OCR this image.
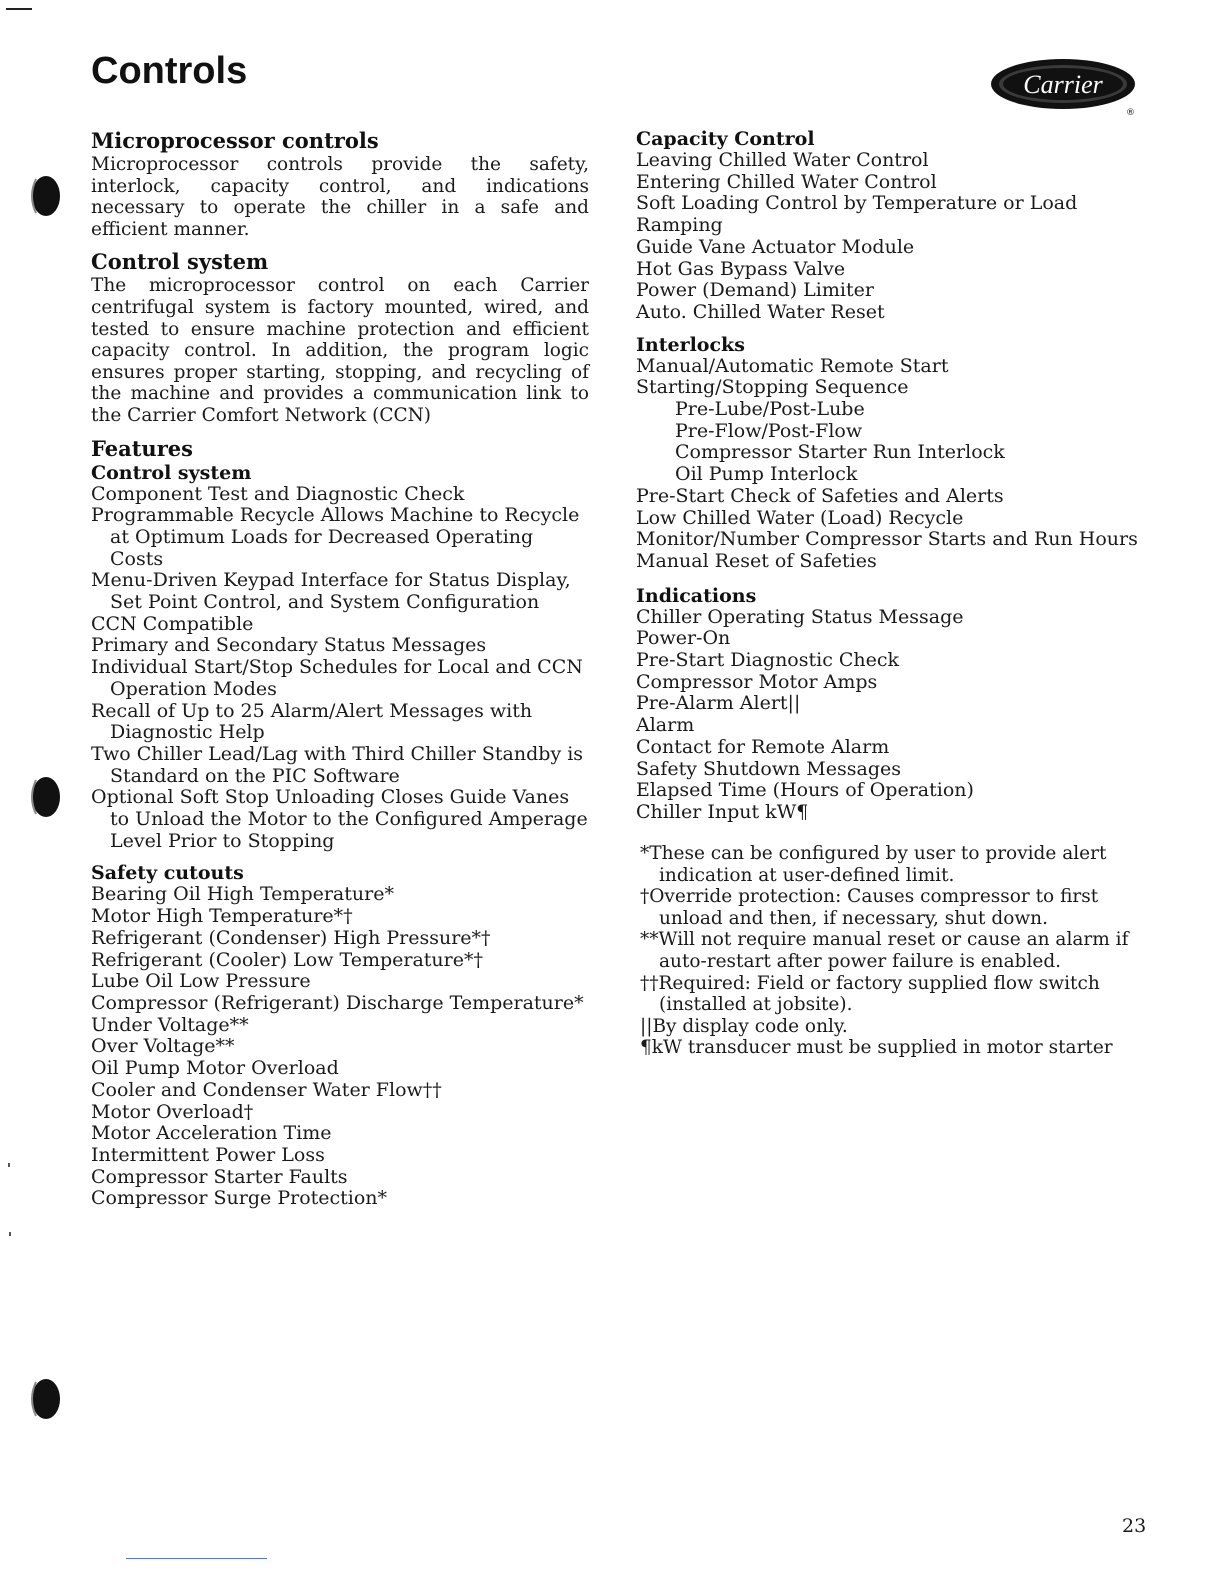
Controls	Carrier
®
Microprocessor controls

Microprocessor controls provide the safety, interlock, capacity control, and indications necessary to operate the chiller in a safe and efficient manner.

Control system

The microprocessor control on each Carrier centrifugal system is factory mounted, wired, and tested to ensure machine protection and efficient capacity control. In addition, the program logic ensures proper starting, stopping, and recycling of the machine and provides a communication link to the Carrier Comfort Network (CCN)

Features
Control system
Component Test and Diagnostic Check
Programmable Recycle Allows Machine to Recycle at Optimum Loads for Decreased Operating Costs
Menu-Driven Keypad Interface for Status Display, Set Point Control, and System Configuration
CCN Compatible
Primary and Secondary Status Messages
Individual Start/Stop Schedules for Local and CCN Operation Modes
Recall of Up to 25 Alarm/Alert Messages with Diagnostic Help
Two Chiller Lead/Lag with Third Chiller Standby is Standard on the PIC Software
Optional Soft Stop Unloading Closes Guide Vanes to Unload the Motor to the Configured Amperage Level Prior to Stopping
Safety cutouts
Bearing Oil High Temperature*
Motor High Temperature*†
Refrigerant (Condenser) High Pressure*†
Refrigerant (Cooler) Low Temperature*†
Lube Oil Low Pressure
Compressor (Refrigerant) Discharge Temperature*
Under Voltage**
Over Voltage**
Oil Pump Motor Overload
Cooler and Condenser Water Flow††
Motor Overload†
Motor Acceleration Time
Intermittent Power Loss
Compressor Starter Faults
Compressor Surge Protection*
Capacity Control
Leaving Chilled Water Control
Entering Chilled Water Control
Soft Loading Control by Temperature or Load Ramping
Guide Vane Actuator Module
Hot Gas Bypass Valve
Power (Demand) Limiter
Auto. Chilled Water Reset
Interlocks
Manual/Automatic Remote Start
Starting/Stopping Sequence
Pre-Lube/Post-Lube
Pre-Flow/Post-Flow
Compressor Starter Run Interlock
Oil Pump Interlock
Pre-Start Check of Safeties and Alerts
Low Chilled Water (Load) Recycle
Monitor/Number Compressor Starts and Run Hours
Manual Reset of Safeties
Indications
Chiller Operating Status Message
Power-On
Pre-Start Diagnostic Check
Compressor Motor Amps
Pre-Alarm Alert||
Alarm
Contact for Remote Alarm
Safety Shutdown Messages
Elapsed Time (Hours of Operation)
Chiller Input kW¶

*These can be configured by user to provide alert indication at user-defined limit.

†Override protection: Causes compressor to first unload and then, if necessary, shut down.

**Will not require manual reset or cause an alarm if auto-restart after power failure is enabled.

††Required: Field or factory supplied flow switch (installed at jobsite).

||By display code only.

¶kW transducer must be supplied in motor starter

23
